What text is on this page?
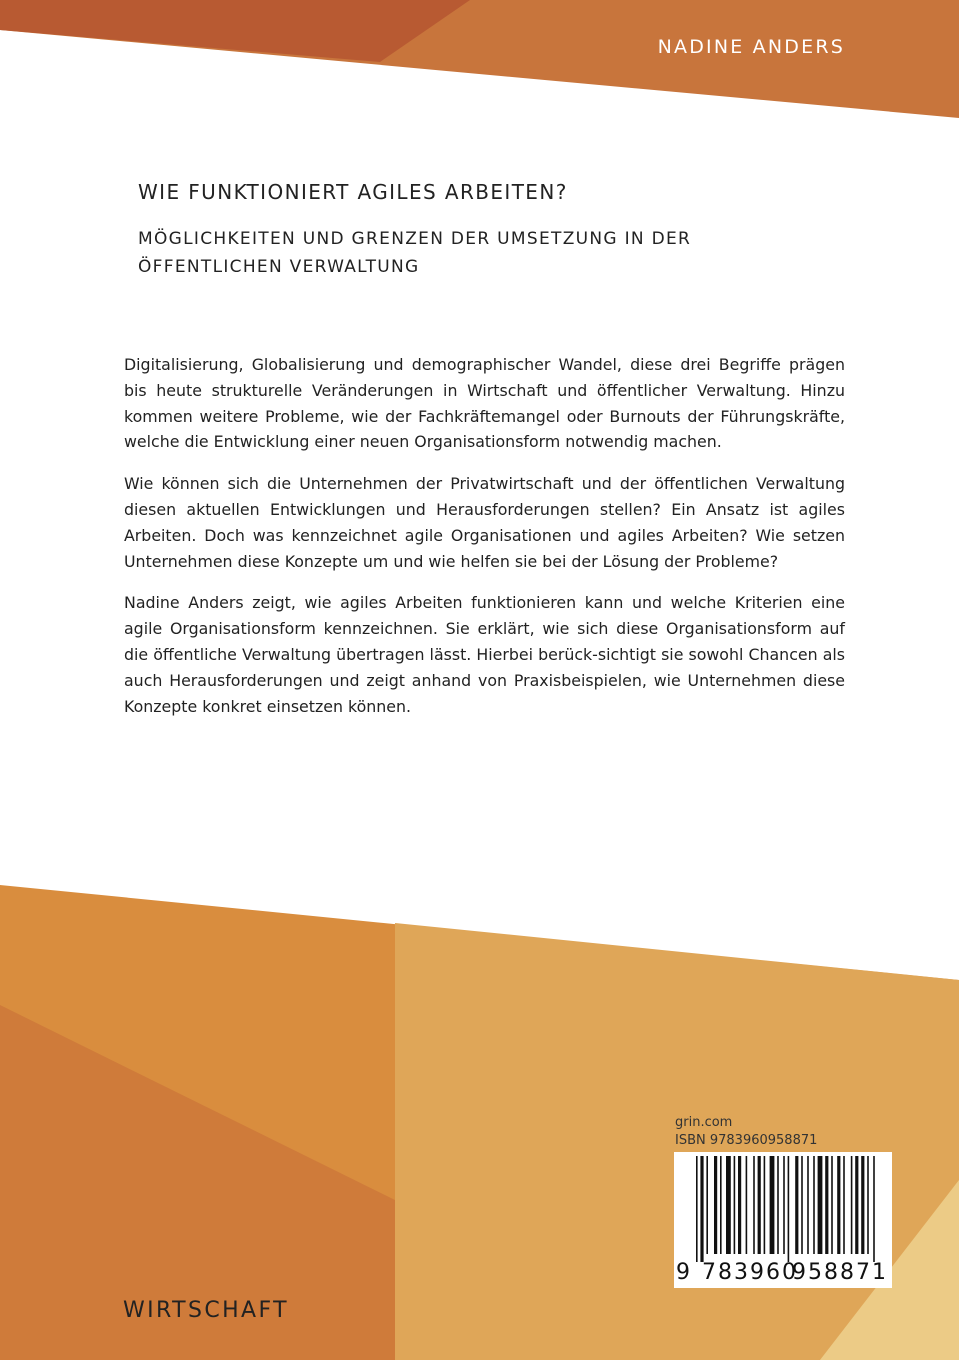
NADINE ANDERS
WIE FUNKTIONIERT AGILES ARBEITEN?
MÖGLICHKEITEN UND GRENZEN DER UMSETZUNG IN DER
ÖFFENTLICHEN VERWALTUNG

Digitalisierung, Globalisierung und demographischer Wandel, diese drei Begriffe prägen bis heute strukturelle Veränderungen in Wirtschaft und öffentlicher Verwaltung. Hinzu kommen weitere Probleme, wie der Fachkräftemangel oder Burnouts der Führungskräfte, welche die Entwicklung einer neuen Organisationsform notwendig machen.

Wie können sich die Unternehmen der Privatwirtschaft und der öffentlichen Verwaltung diesen aktuellen Entwicklungen und Herausforderungen stellen? Ein Ansatz ist agiles Arbeiten. Doch was kennzeichnet agile Organisationen und agiles Arbeiten? Wie setzen Unternehmen diese Konzepte um und wie helfen sie bei der Lösung der Probleme?

Nadine Anders zeigt, wie agiles Arbeiten funktionieren kann und welche Kriterien eine agile Organisationsform kennzeichnen. Sie erklärt, wie sich diese Organisationsform auf die öffentliche Verwaltung übertragen lässt. Hierbei berück-sichtigt sie sowohl Chancen als auch Herausforderungen und zeigt anhand von Praxisbeispielen, wie Unternehmen diese Konzepte konkret einsetzen können.

grin.com
ISBN 9783960958871
9 783960
958871
WIRTSCHAFT
